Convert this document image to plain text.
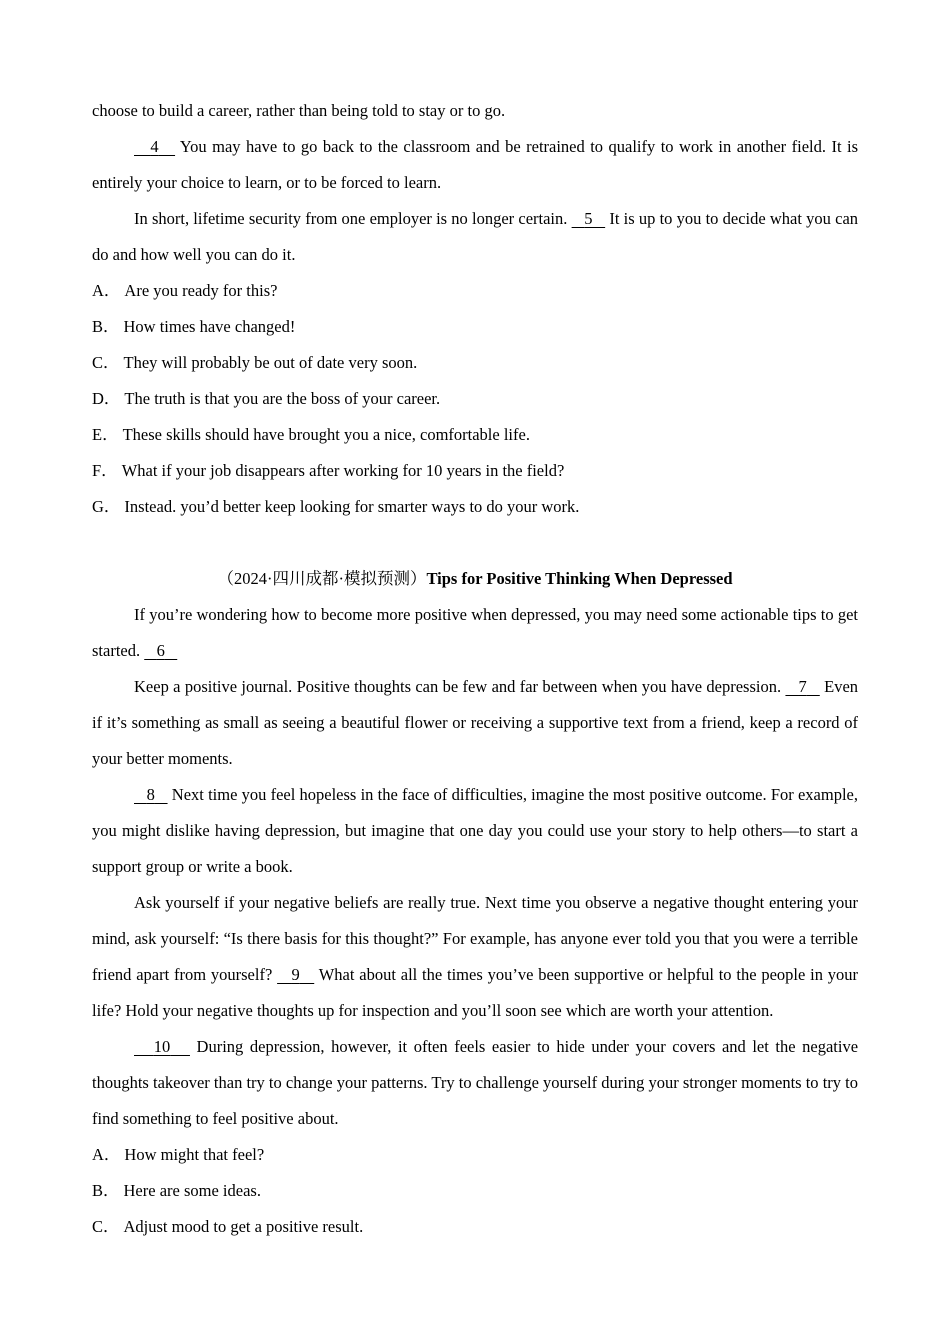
choose to build a career, rather than being told to stay or to go.

4 You may have to go back to the classroom and be retrained to qualify to work in another field. It is entirely your choice to learn, or to be forced to learn.

In short, lifetime security from one employer is no longer certain. 5 It is up to you to decide what you can do and how well you can do it.

A． Are you ready for this?
B． How times have changed!
C． They will probably be out of date very soon.
D． The truth is that you are the boss of your career.
E． These skills should have brought you a nice, comfortable life.
F． What if your job disappears after working for 10 years in the field?
G． Instead. you’d better keep looking for smarter ways to do your work.

（2024·四川成都·模拟预测）Tips for Positive Thinking When Depressed

If you’re wondering how to become more positive when depressed, you may need some actionable tips to get started. 6

Keep a positive journal. Positive thoughts can be few and far between when you have depression. 7 Even if it’s something as small as seeing a beautiful flower or receiving a supportive text from a friend, keep a record of your better moments.

8 Next time you feel hopeless in the face of difficulties, imagine the most positive outcome. For example, you might dislike having depression, but imagine that one day you could use your story to help others—to start a support group or write a book.

Ask yourself if your negative beliefs are really true. Next time you observe a negative thought entering your mind, ask yourself: “Is there basis for this thought?” For example, has anyone ever told you that you were a terrible friend apart from yourself? 9 What about all the times you’ve been supportive or helpful to the people in your life? Hold your negative thoughts up for inspection and you’ll soon see which are worth your attention.

10 During depression, however, it often feels easier to hide under your covers and let the negative thoughts takeover than try to change your patterns. Try to challenge yourself during your stronger moments to try to find something to feel positive about.

A． How might that feel?
B． Here are some ideas.
C． Adjust mood to get a positive result.
